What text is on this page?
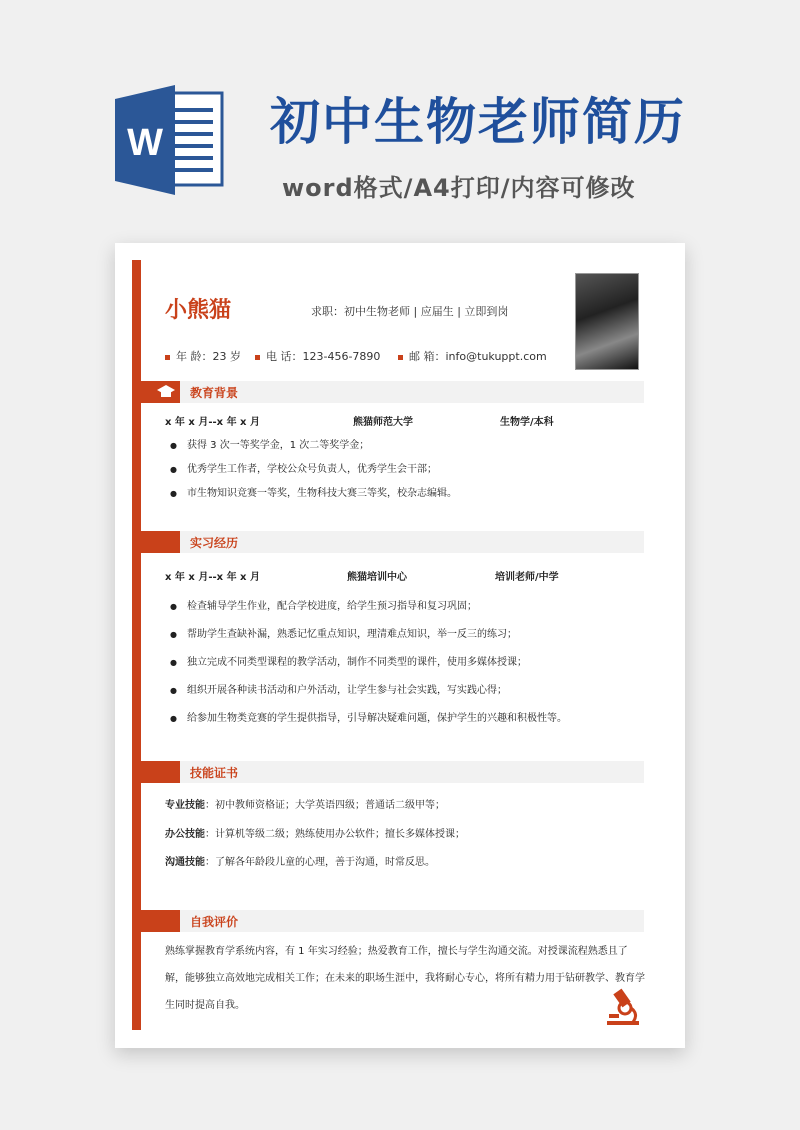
W 初中生物老师简历
word格式/A4打印/内容可修改
小熊猫	求职：初中生物老师 | 应届生 | 立即到岗
年 龄：23 岁	电 话：123-456-7890	邮 箱：info@tukuppt.com
教育背景
x 年 x 月--x 年 x 月	熊猫师范大学	生物学/本科
● 获得 3 次一等奖学金，1 次二等奖学金；
● 优秀学生工作者，学校公众号负责人，优秀学生会干部；
● 市生物知识竞赛一等奖，生物科技大赛三等奖，校杂志编辑。
实习经历
x 年 x 月--x 年 x 月	熊猫培训中心	培训老师/中学
● 检查辅导学生作业，配合学校进度，给学生预习指导和复习巩固；
● 帮助学生查缺补漏，熟悉记忆重点知识，理清难点知识，举一反三的练习；
● 独立完成不同类型课程的教学活动，制作不同类型的课件，使用多媒体授课；
● 组织开展各种读书活动和户外活动，让学生参与社会实践，写实践心得；
● 给参加生物类竞赛的学生提供指导，引导解决疑难问题，保护学生的兴趣和积极性等。
技能证书
专业技能：初中教师资格证；大学英语四级；普通话二级甲等；
办公技能：计算机等级二级；熟练使用办公软件；擅长多媒体授课；
沟通技能：了解各年龄段儿童的心理，善于沟通，时常反思。
自我评价
熟练掌握教育学系统内容，有 1 年实习经验；热爱教育工作，擅长与学生沟通交流。对授课流程熟悉且了解，能够独立高效地完成相关工作；在未来的职场生涯中，我将耐心专心，将所有精力用于钻研教学、教育学生同时提高自我。
